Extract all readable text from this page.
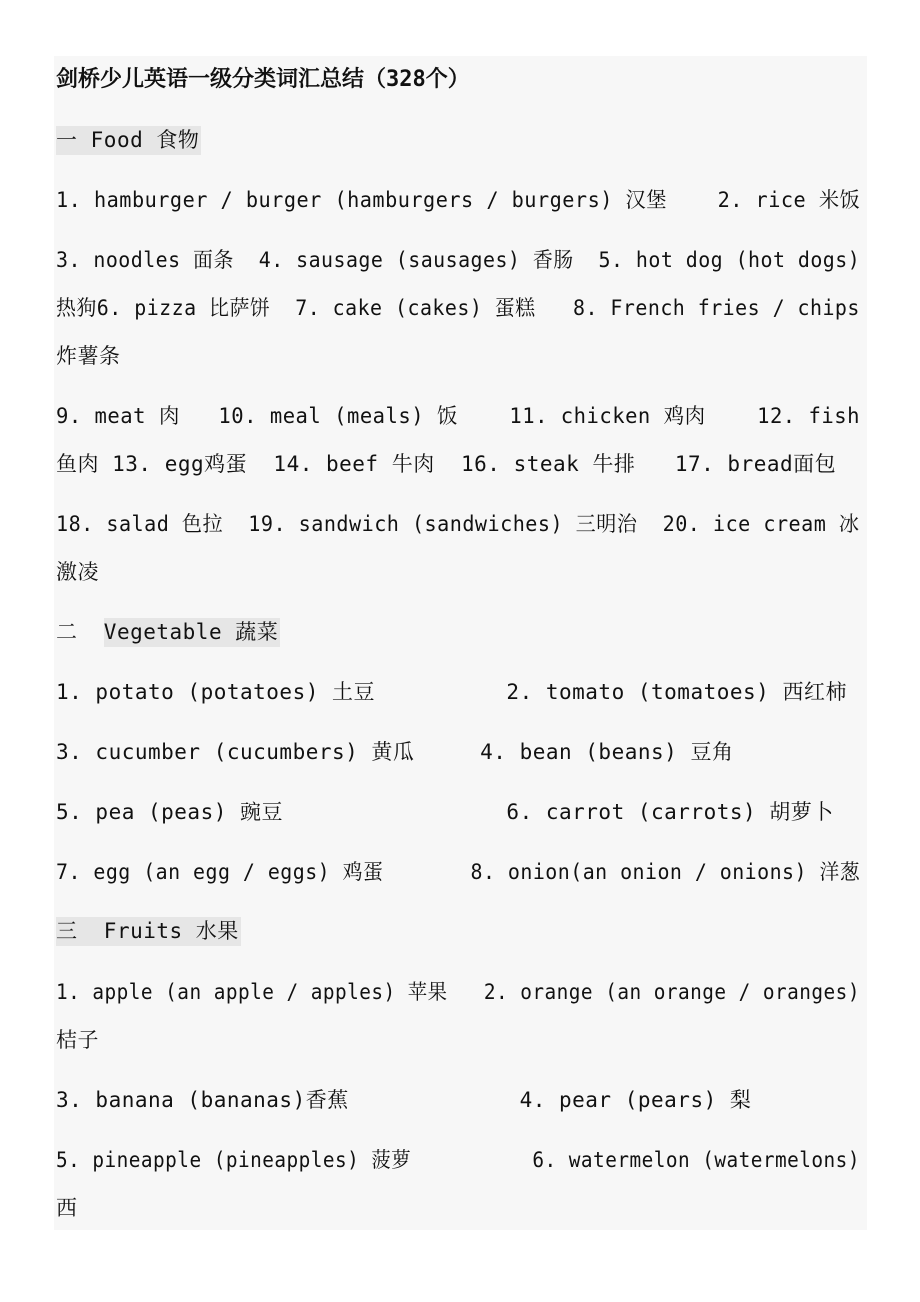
剑桥少儿英语一级分类词汇总结（328个）

一 Food 食物

1. hamburger / burger (hamburgers / burgers) 汉堡    2. rice 米饭

3. noodles 面条  4. sausage (sausages) 香肠  5. hot dog (hot dogs)

热狗6. pizza 比萨饼  7. cake (cakes) 蛋糕   8. French fries / chips

炸薯条

9. meat 肉   10. meal (meals) 饭    11. chicken 鸡肉    12. fish

鱼肉 13. egg鸡蛋  14. beef 牛肉  16. steak 牛排   17. bread面包

18. salad 色拉  19. sandwich (sandwiches) 三明治  20. ice cream 冰

激凌

二 Vegetable 蔬菜

1. potato (potatoes) 土豆          2. tomato (tomatoes) 西红柿

3. cucumber (cucumbers) 黄瓜     4. bean (beans) 豆角

5. pea (peas) 豌豆                 6. carrot (carrots) 胡萝卜

7. egg (an egg / eggs) 鸡蛋       8. onion(an onion / onions) 洋葱

三 Fruits 水果

1. apple (an apple / apples) 苹果   2. orange (an orange / oranges)

桔子

3. banana (bananas)香蕉             4. pear (pears) 梨

5. pineapple (pineapples) 菠萝          6. watermelon (watermelons)

西
